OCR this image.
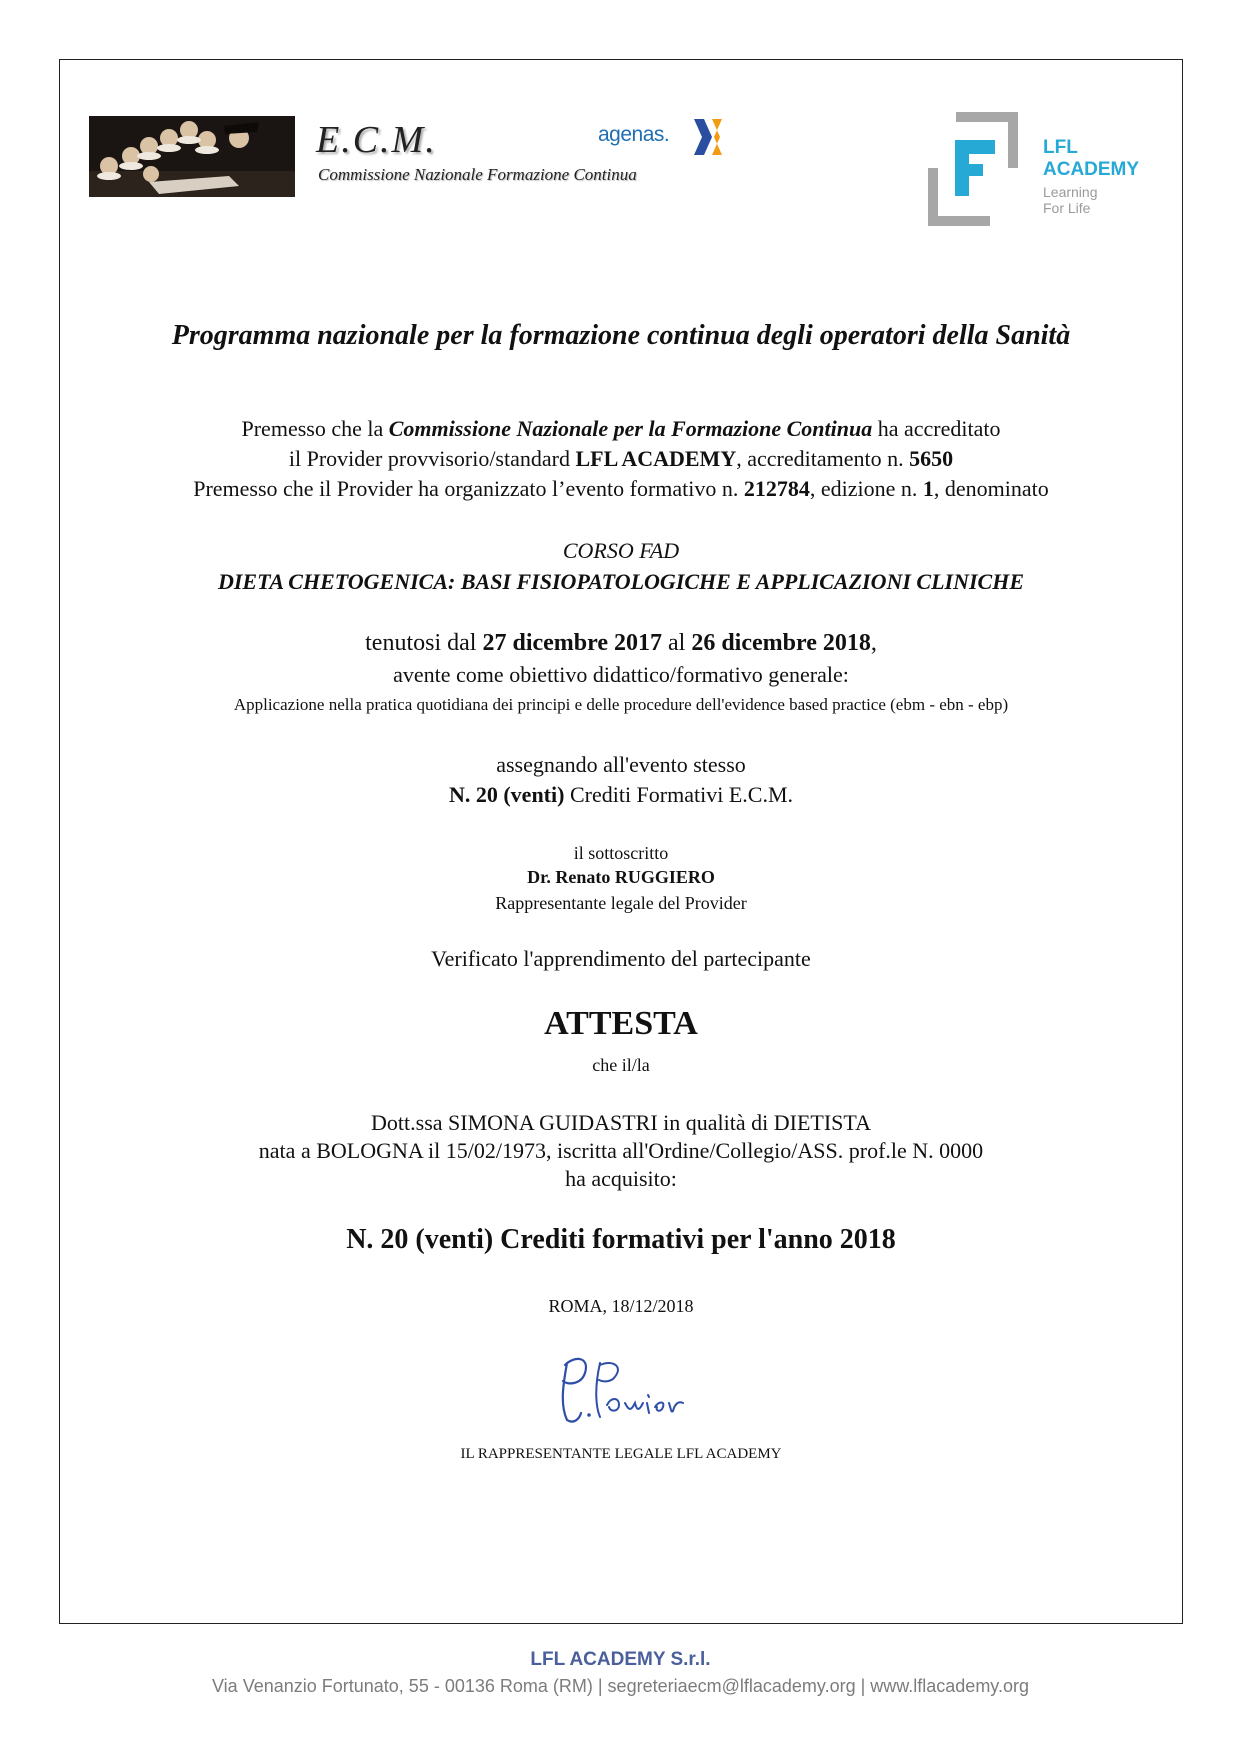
E.C.M.
Commissione Nazionale Formazione Continua
agenas.
LFL
ACADEMY
Learning
For Life
Programma nazionale per la formazione continua degli operatori della Sanità
Premesso che la Commissione Nazionale per la Formazione Continua ha accreditato
il Provider provvisorio/standard LFL ACADEMY, accreditamento n. 5650
Premesso che il Provider ha organizzato l’evento formativo n. 212784, edizione n. 1, denominato
CORSO FAD
DIETA CHETOGENICA: BASI FISIOPATOLOGICHE E APPLICAZIONI CLINICHE
tenutosi dal 27 dicembre 2017 al 26 dicembre 2018,
avente come obiettivo didattico/formativo generale:
Applicazione nella pratica quotidiana dei principi e delle procedure dell'evidence based practice (ebm - ebn - ebp)
assegnando all'evento stesso
N. 20 (venti) Crediti Formativi E.C.M.
il sottoscritto
Dr. Renato RUGGIERO
Rappresentante legale del Provider
Verificato l'apprendimento del partecipante
ATTESTA
che il/la
Dott.ssa SIMONA GUIDASTRI in qualità di DIETISTA
nata a BOLOGNA il 15/02/1973, iscritta all'Ordine/Collegio/ASS. prof.le N. 0000
ha acquisito:
N. 20 (venti) Crediti formativi per l'anno 2018
ROMA, 18/12/2018
IL RAPPRESENTANTE LEGALE LFL ACADEMY
LFL ACADEMY S.r.l.
Via Venanzio Fortunato, 55 - 00136 Roma (RM) | segreteriaecm@lflacademy.org | www.lflacademy.org
